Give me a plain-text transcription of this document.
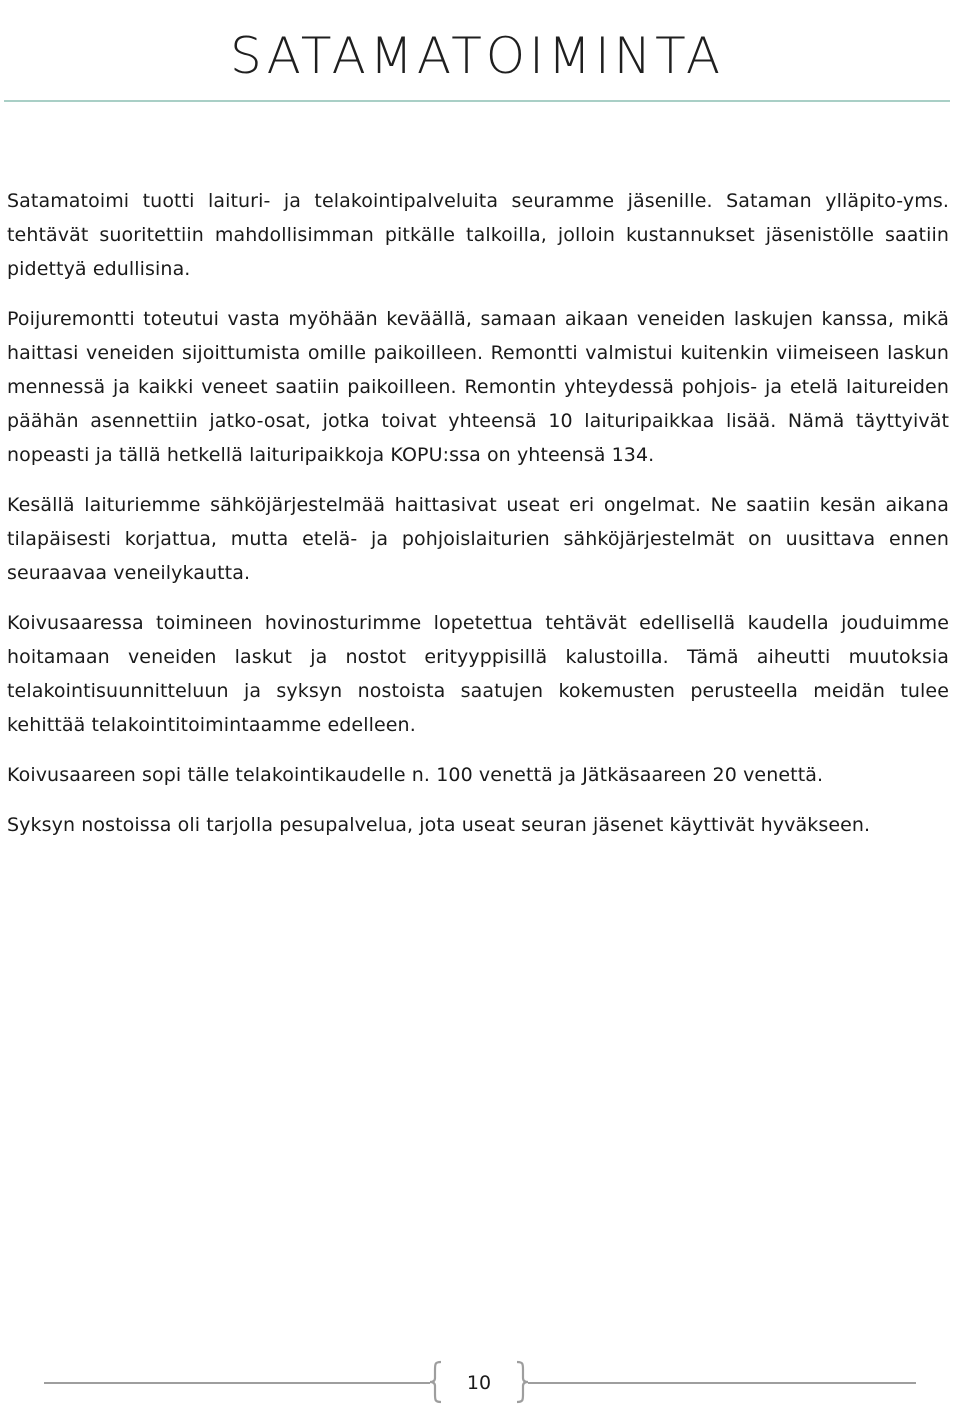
SATAMATOIMINTA

Satamatoimi tuotti laituri- ja telakointipalveluita seuramme jäsenille. Sataman ylläpito-yms. tehtävät suoritettiin mahdollisimman pitkälle talkoilla, jolloin kustannukset jäsenistölle saatiin pidettyä edullisina.

Poijuremontti toteutui vasta myöhään keväällä, samaan aikaan veneiden laskujen kanssa, mikä haittasi veneiden sijoittumista omille paikoilleen. Remontti valmistui kuitenkin viimeiseen laskun mennessä ja kaikki veneet saatiin paikoilleen. Remontin yhteydessä pohjois- ja etelä laitureiden päähän asennettiin jatko-osat, jotka toivat yhteensä 10 laituripaikkaa lisää. Nämä täyttyivät nopeasti ja tällä hetkellä laituripaikkoja KOPU:ssa on yhteensä 134.

Kesällä laituriemme sähköjärjestelmää haittasivat useat eri ongelmat. Ne saatiin kesän aikana tilapäisesti korjattua, mutta etelä- ja pohjoislaiturien sähköjärjestelmät on uusittava ennen seuraavaa veneilykautta.

Koivusaaressa toimineen hovinosturimme lopetettua tehtävät edellisellä kaudella jouduimme hoitamaan veneiden laskut ja nostot erityyppisillä kalustoilla. Tämä aiheutti muutoksia telakointisuunnitteluun ja syksyn nostoista saatujen kokemusten perusteella meidän tulee kehittää telakointitoimintaamme edelleen.

Koivusaareen sopi tälle telakointikaudelle n. 100 venettä ja Jätkäsaareen 20 venettä.

Syksyn nostoissa oli tarjolla pesupalvelua, jota useat seuran jäsenet käyttivät hyväkseen.

10
